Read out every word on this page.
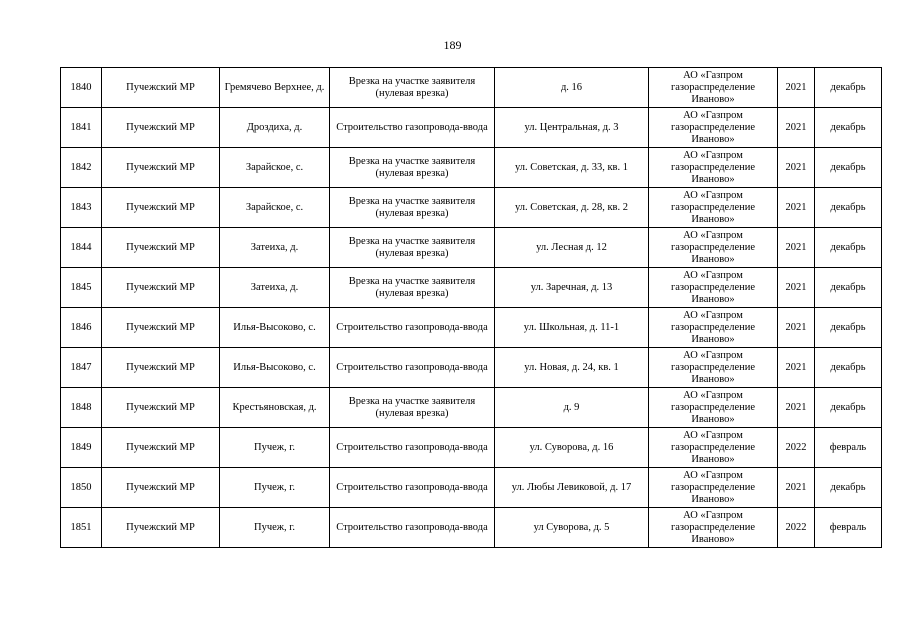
189
1840	Пучежский МР	Гремячево Верхнее, д.	Врезка на участке заявителя (нулевая врезка)	д. 16	АО «Газпром газораспределение Иваново»	2021	декабрь
1841	Пучежский МР	Дроздиха, д.	Строительство газопровода-ввода	ул. Центральная, д. 3	АО «Газпром газораспределение Иваново»	2021	декабрь
1842	Пучежский МР	Зарайское, с.	Врезка на участке заявителя (нулевая врезка)	ул. Советская, д. 33, кв. 1	АО «Газпром газораспределение Иваново»	2021	декабрь
1843	Пучежский МР	Зарайское, с.	Врезка на участке заявителя (нулевая врезка)	ул. Советская, д. 28, кв. 2	АО «Газпром газораспределение Иваново»	2021	декабрь
1844	Пучежский МР	Затеиха, д.	Врезка на участке заявителя (нулевая врезка)	ул. Лесная д. 12	АО «Газпром газораспределение Иваново»	2021	декабрь
1845	Пучежский МР	Затеиха, д.	Врезка на участке заявителя (нулевая врезка)	ул. Заречная, д. 13	АО «Газпром газораспределение Иваново»	2021	декабрь
1846	Пучежский МР	Илья-Высоково, с.	Строительство газопровода-ввода	ул. Школьная, д. 11-1	АО «Газпром газораспределение Иваново»	2021	декабрь
1847	Пучежский МР	Илья-Высоково, с.	Строительство газопровода-ввода	ул. Новая, д. 24, кв. 1	АО «Газпром газораспределение Иваново»	2021	декабрь
1848	Пучежский МР	Крестьяновская, д.	Врезка на участке заявителя (нулевая врезка)	д. 9	АО «Газпром газораспределение Иваново»	2021	декабрь
1849	Пучежский МР	Пучеж, г.	Строительство газопровода-ввода	ул. Суворова, д. 16	АО «Газпром газораспределение Иваново»	2022	февраль
1850	Пучежский МР	Пучеж, г.	Строительство газопровода-ввода	ул. Любы Левиковой, д. 17	АО «Газпром газораспределение Иваново»	2021	декабрь
1851	Пучежский МР	Пучеж, г.	Строительство газопровода-ввода	ул Суворова, д. 5	АО «Газпром газораспределение Иваново»	2022	февраль
